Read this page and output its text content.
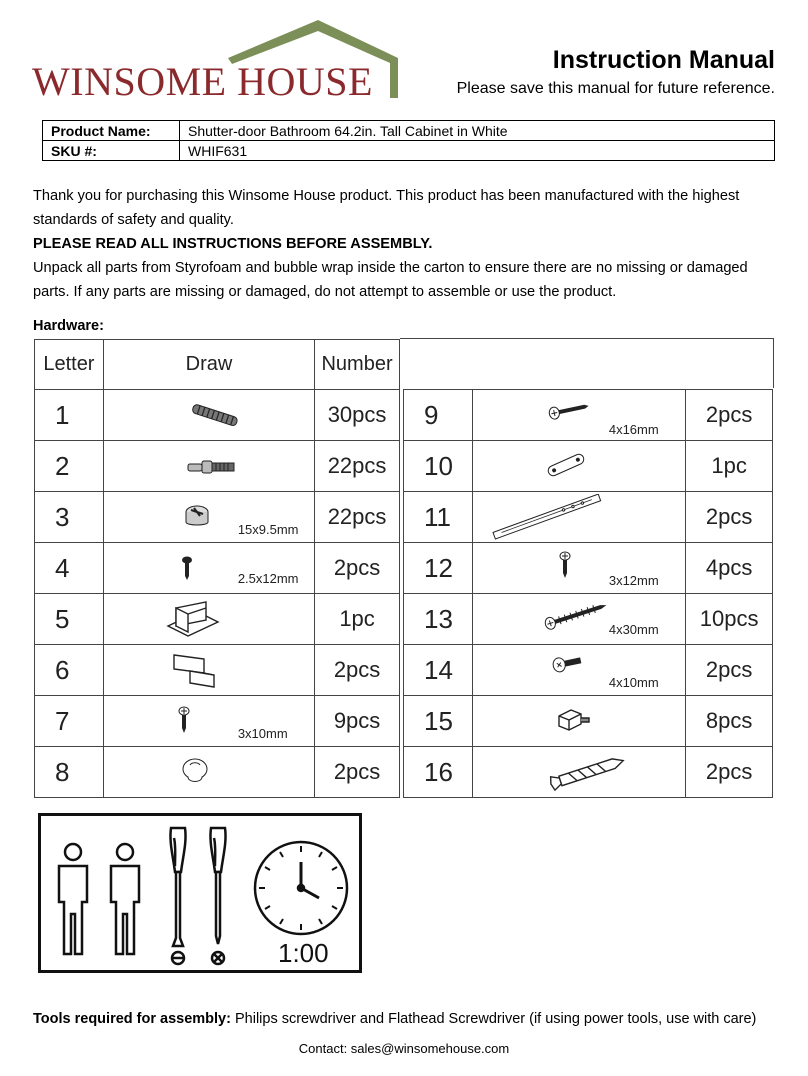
WINSOME HOUSE	Instruction Manual
Please save this manual for future reference.
Product Name:	Shutter-door Bathroom 64.2in. Tall Cabinet in White
SKU #:	WHIF631

Thank you for purchasing this Winsome House product. This product has been manufactured with the highest standards of safety and quality.

PLEASE READ ALL INSTRUCTIONS BEFORE ASSEMBLY.

Unpack all parts from Styrofoam and bubble wrap inside the carton to ensure there are no missing or damaged parts. If any parts are missing or damaged, do not attempt to assemble or use the product.

Hardware:
Letter	Draw	Number
1		30pcs
2		22pcs
3	15x9.5mm	22pcs
4	2.5x12mm	2pcs
5		1pc
6		2pcs
7	3x10mm	9pcs
8		2pcs
9	4x16mm	2pcs
10		1pc
11		2pcs
12	3x12mm	4pcs
13	4x30mm	10pcs
14	4x10mm	2pcs
15		8pcs
16		2pcs
1:00
Tools required for assembly: Philips screwdriver and Flathead Screwdriver (if using power tools, use with care)
Contact: sales@winsomehouse.com
